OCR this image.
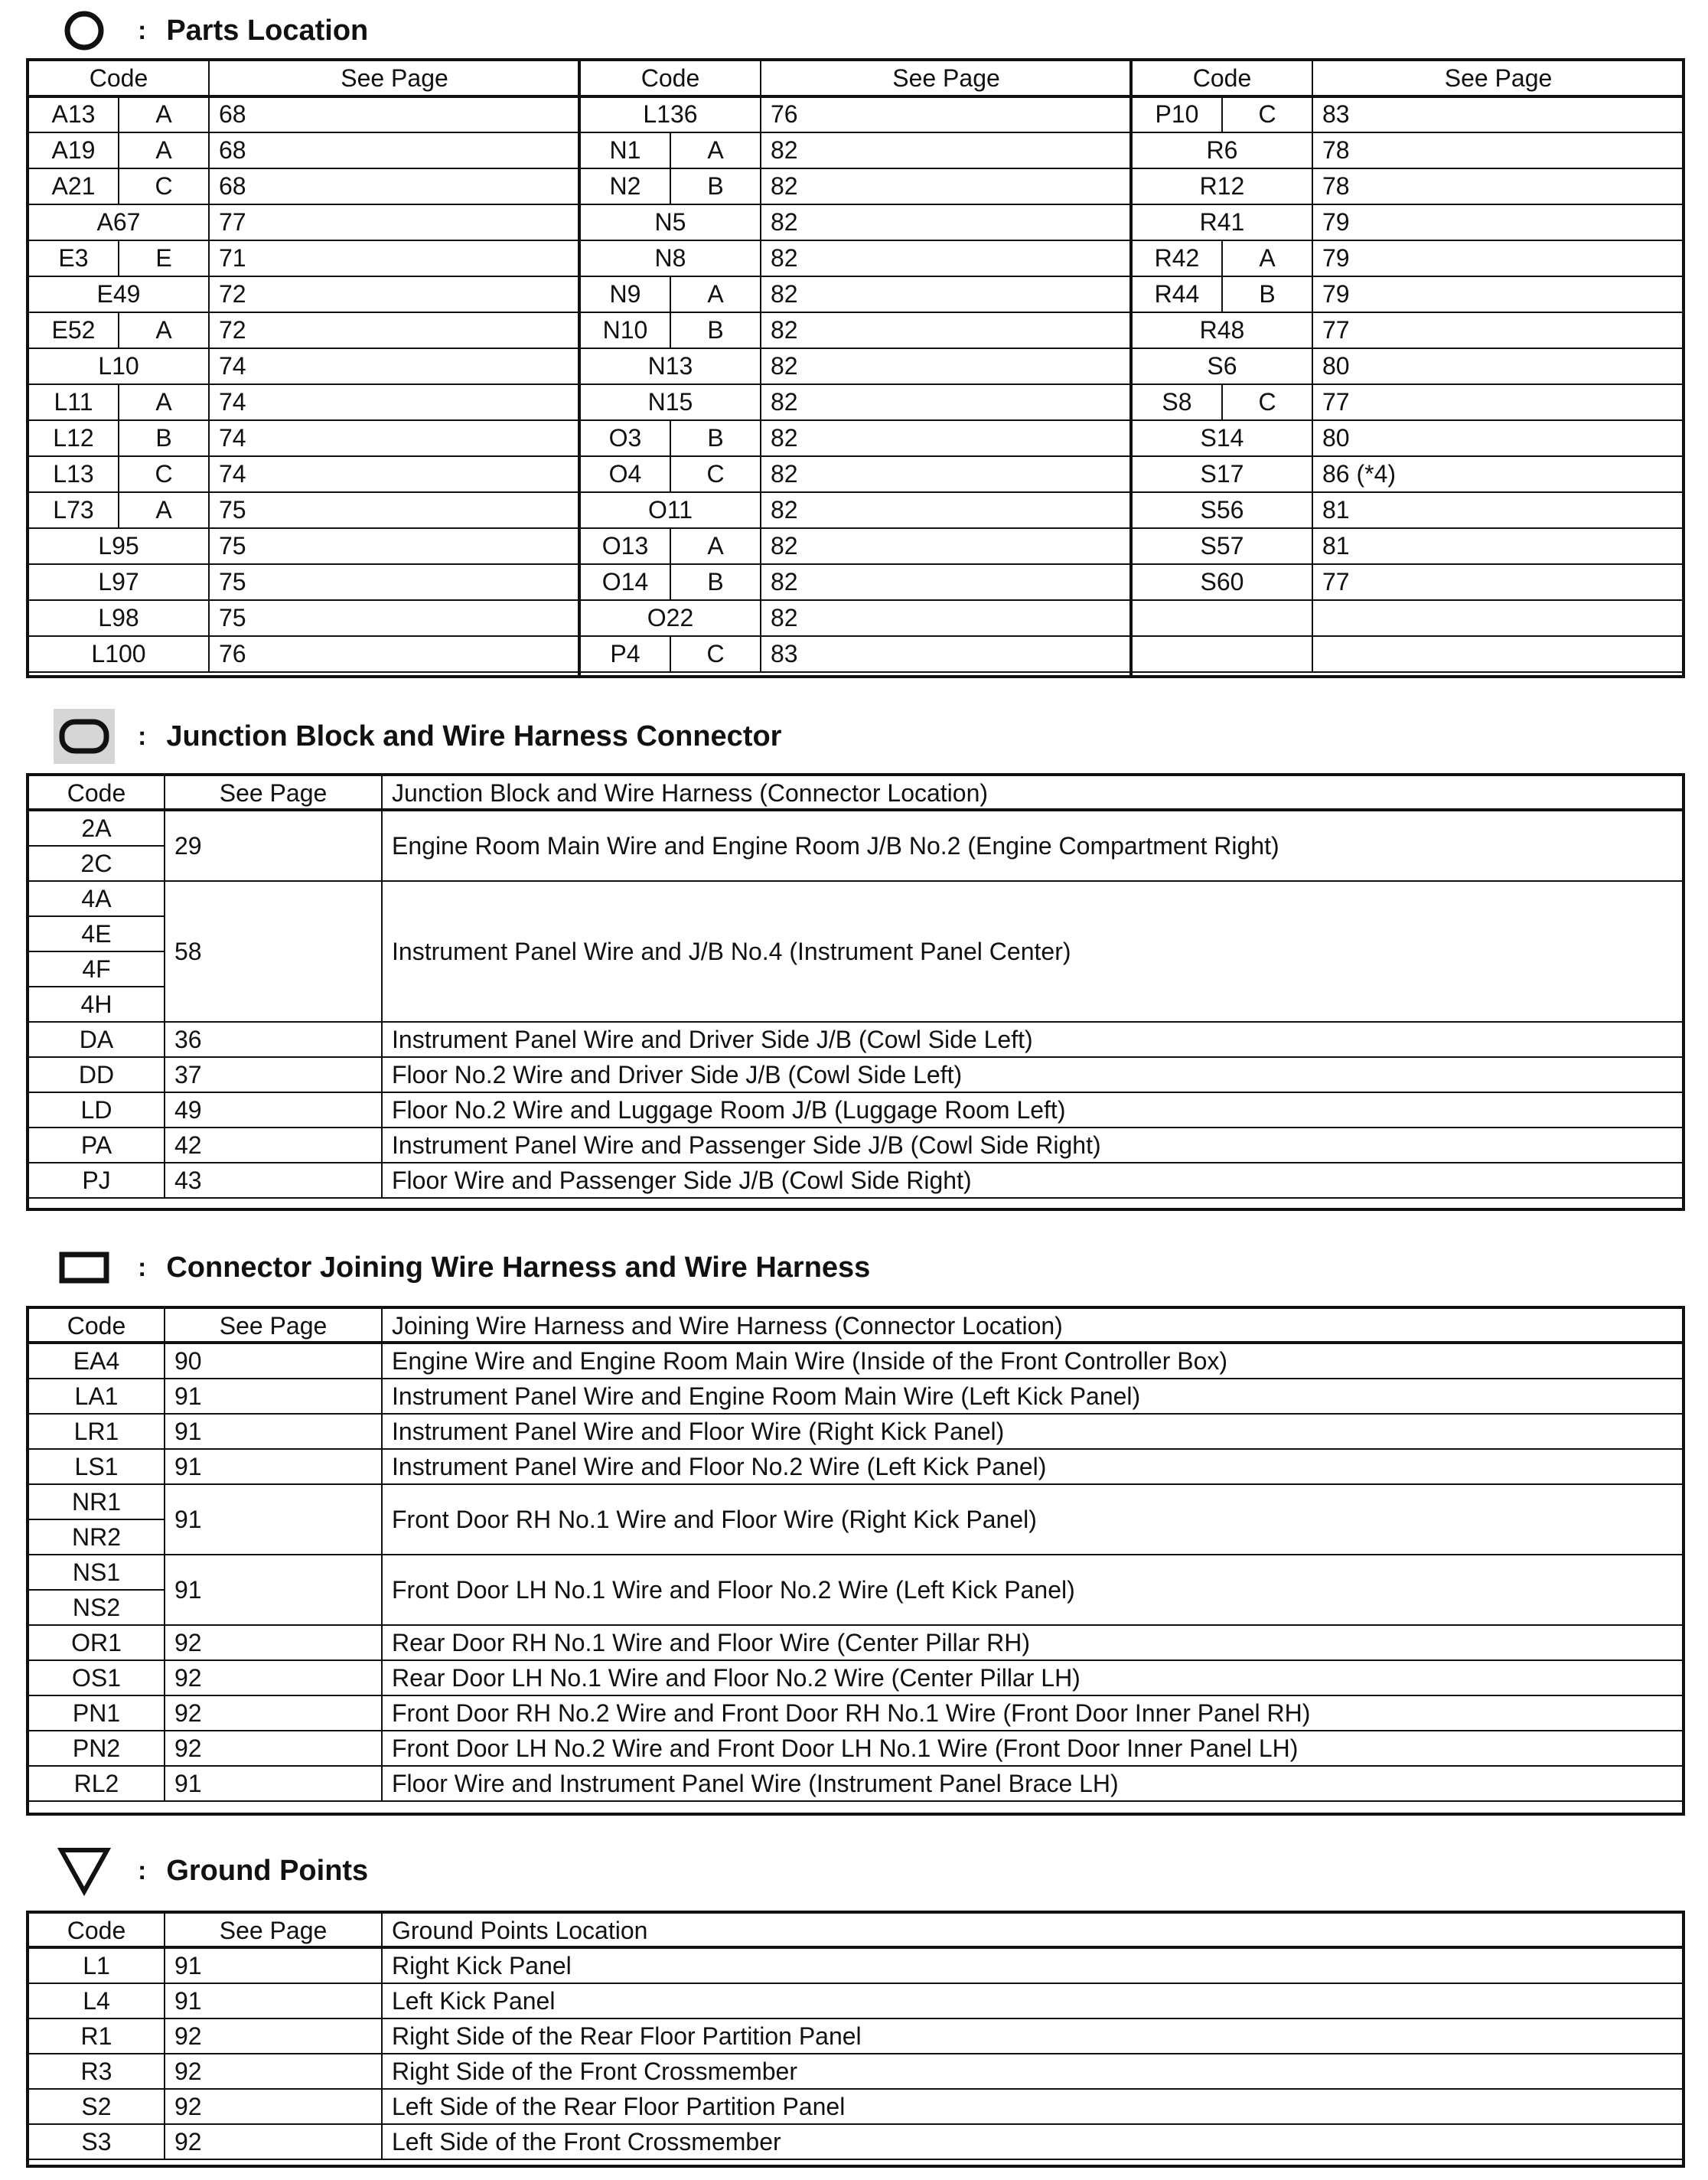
: Parts Location
Code		See Page	Code		See Page	Code		See Page
A13	A	68	L136		76	P10	C	83
A19	A	68	N1	A	82	R6		78
A21	C	68	N2	B	82	R12		78
A67		77	N5		82	R41		79
E3	E	71	N8		82	R42	A	79
E49		72	N9	A	82	R44	B	79
E52	A	72	N10	B	82	R48		77
L10		74	N13		82	S6		80
L11	A	74	N15		82	S8	C	77
L12	B	74	O3	B	82	S14		80
L13	C	74	O4	C	82	S17		86 (*4)
L73	A	75	O11		82	S56		81
L95		75	O13	A	82	S57		81
L97		75	O14	B	82	S60		77
L98		75	O22		82			
L100		76	P4	C	83			
: Junction Block and Wire Harness Connector
Code	See Page	Junction Block and Wire Harness (Connector Location)
2A	29	Engine Room Main Wire and Engine Room J/B No.2 (Engine Compartment Right)
2C		
4A	58	Instrument Panel Wire and J/B No.4 (Instrument Panel Center)
4E		
4F		
4H		
DA	36	Instrument Panel Wire and Driver Side J/B (Cowl Side Left)
DD	37	Floor No.2 Wire and Driver Side J/B (Cowl Side Left)
LD	49	Floor No.2 Wire and Luggage Room J/B (Luggage Room Left)
PA	42	Instrument Panel Wire and Passenger Side J/B (Cowl Side Right)
PJ	43	Floor Wire and Passenger Side J/B (Cowl Side Right)
: Connector Joining Wire Harness and Wire Harness
Code	See Page	Joining Wire Harness and Wire Harness (Connector Location)
EA4	90	Engine Wire and Engine Room Main Wire (Inside of the Front Controller Box)
LA1	91	Instrument Panel Wire and Engine Room Main Wire (Left Kick Panel)
LR1	91	Instrument Panel Wire and Floor Wire (Right Kick Panel)
LS1	91	Instrument Panel Wire and Floor No.2 Wire (Left Kick Panel)
NR1	91	Front Door RH No.1 Wire and Floor Wire (Right Kick Panel)
NR2		
NS1	91	Front Door LH No.1 Wire and Floor No.2 Wire (Left Kick Panel)
NS2		
OR1	92	Rear Door RH No.1 Wire and Floor Wire (Center Pillar RH)
OS1	92	Rear Door LH No.1 Wire and Floor No.2 Wire (Center Pillar LH)
PN1	92	Front Door RH No.2 Wire and Front Door RH No.1 Wire (Front Door Inner Panel RH)
PN2	92	Front Door LH No.2 Wire and Front Door LH No.1 Wire (Front Door Inner Panel LH)
RL2	91	Floor Wire and Instrument Panel Wire (Instrument Panel Brace LH)
: Ground Points
Code	See Page	Ground Points Location
L1	91	Right Kick Panel
L4	91	Left Kick Panel
R1	92	Right Side of the Rear Floor Partition Panel
R3	92	Right Side of the Front Crossmember
S2	92	Left Side of the Rear Floor Partition Panel
S3	92	Left Side of the Front Crossmember
